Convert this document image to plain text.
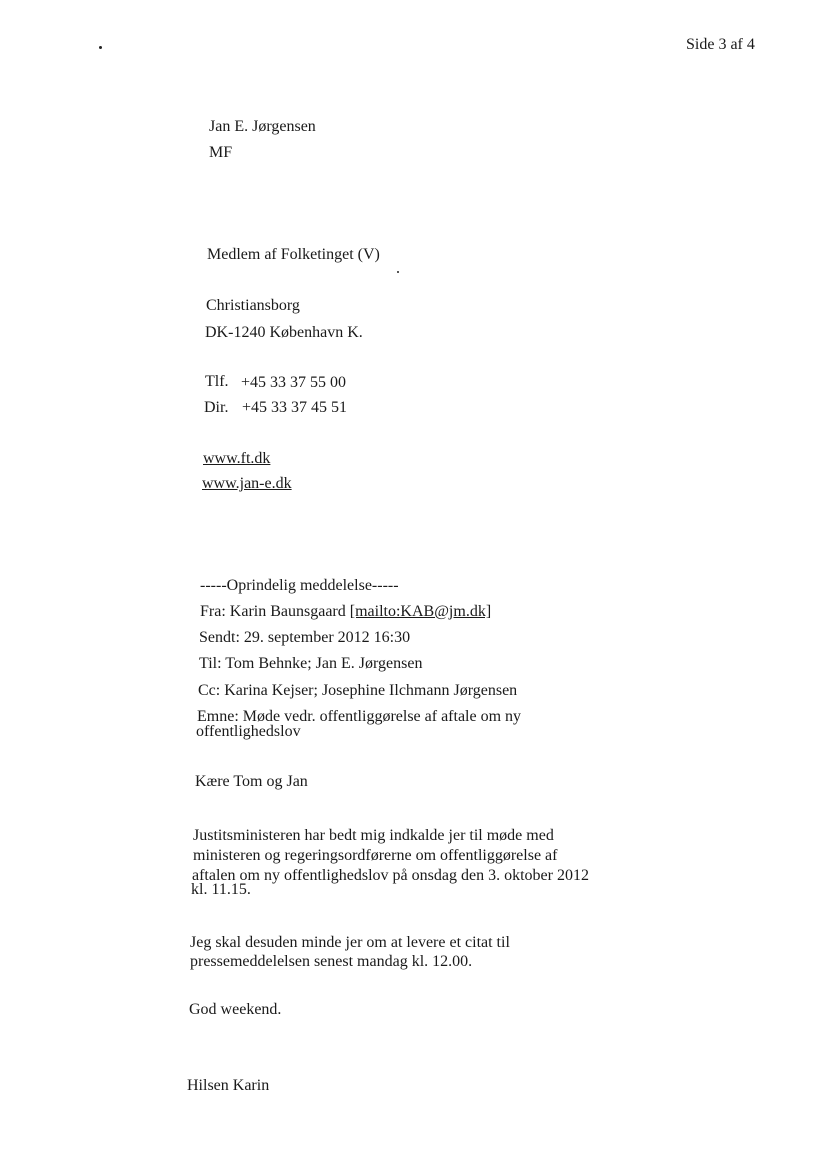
Side 3 af 4
Jan E. Jørgensen
MF
Medlem af Folketinget (V)
Christiansborg
DK-1240 København K.
Tlf. +45 33 37 55 00
Dir. +45 33 37 45 51
www.ft.dk
www.jan-e.dk
-----Oprindelig meddelelse-----
Fra: Karin Baunsgaard [mailto:KAB@jm.dk]
Sendt: 29. september 2012 16:30
Til: Tom Behnke; Jan E. Jørgensen
Cc: Karina Kejser; Josephine Ilchmann Jørgensen
Emne: Møde vedr. offentliggørelse af aftale om ny
offentlighedslov
Kære Tom og Jan
Justitsministeren har bedt mig indkalde jer til møde med
ministeren og regeringsordførerne om offentliggørelse af
aftalen om ny offentlighedslov på onsdag den 3. oktober 2012
kl. 11.15.
Jeg skal desuden minde jer om at levere et citat til
pressemeddelelsen senest mandag kl. 12.00.
God weekend.
Hilsen Karin
